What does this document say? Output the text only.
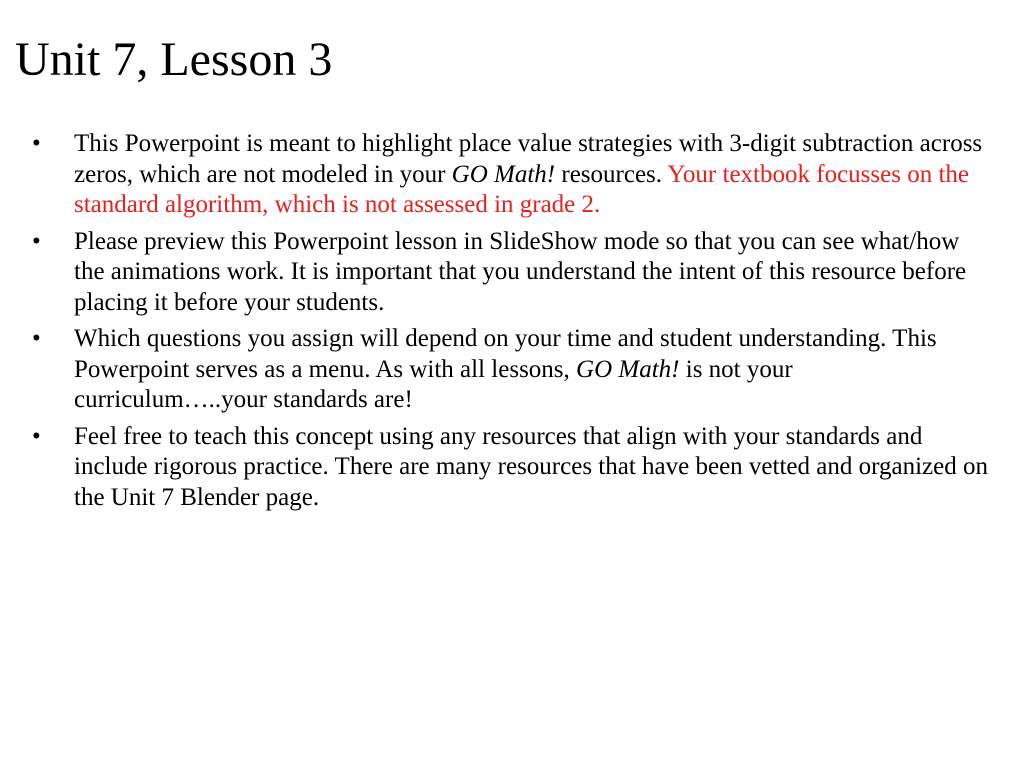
Unit 7, Lesson 3
• This Powerpoint is meant to highlight place value strategies with 3-digit subtraction across zeros, which are not modeled in your GO Math! resources. Your textbook focusses on the standard algorithm, which is not assessed in grade 2.
• Please preview this Powerpoint lesson in SlideShow mode so that you can see what/how the animations work. It is important that you understand the intent of this resource before placing it before your students.
• Which questions you assign will depend on your time and student understanding. This Powerpoint serves as a menu. As with all lessons, GO Math! is not your curriculum…..your standards are!
• Feel free to teach this concept using any resources that align with your standards and include rigorous practice. There are many resources that have been vetted and organized on the Unit 7 Blender page.
